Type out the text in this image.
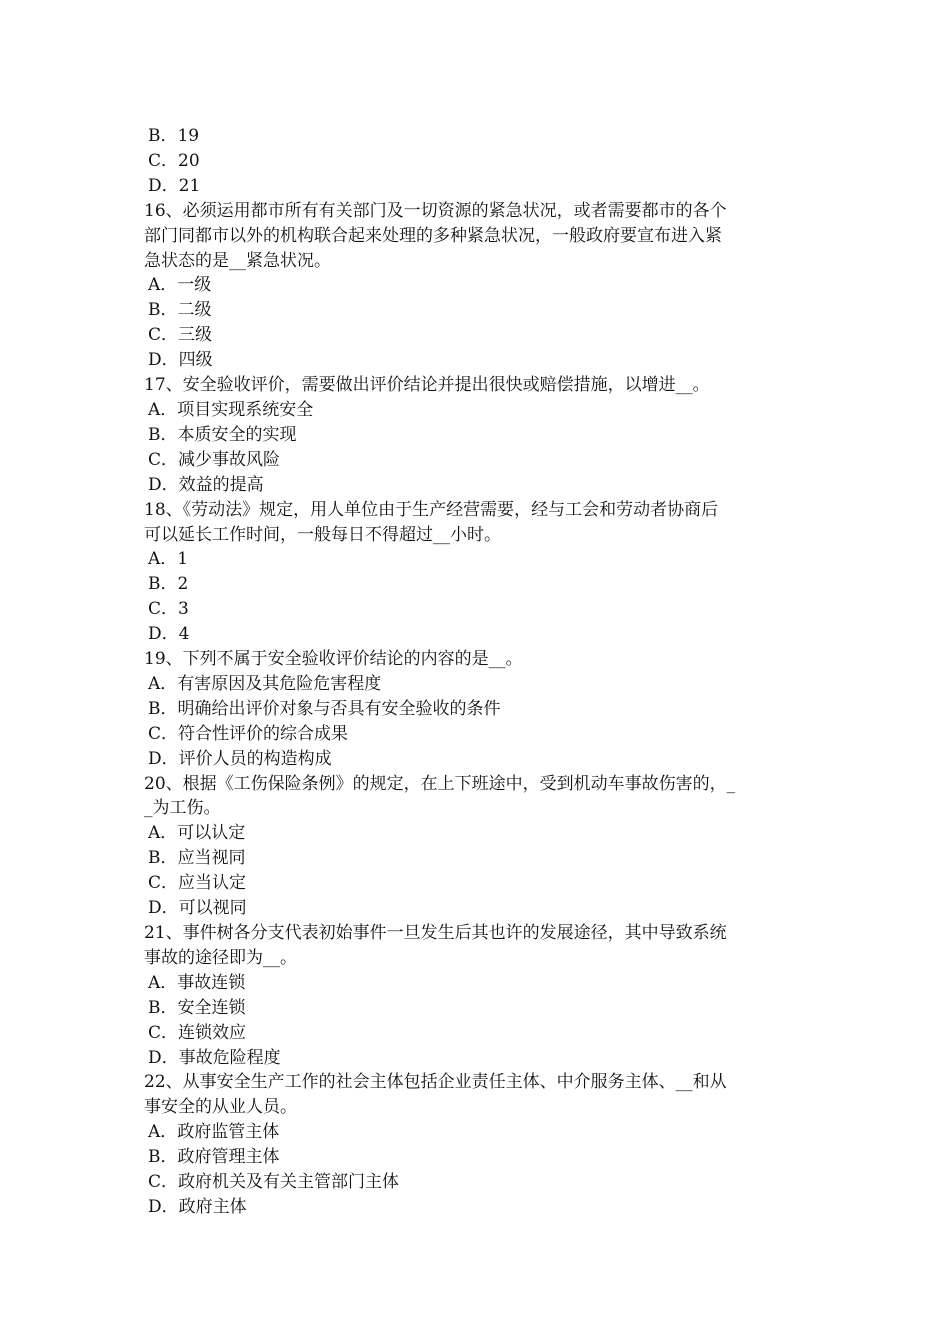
B．19
C．20
D．21
16、必须运用都市所有有关部门及一切资源的紧急状况，或者需要都市的各个
部门同都市以外的机构联合起来处理的多种紧急状况，一般政府要宣布进入紧
急状态的是__紧急状况。
A．一级
B．二级
C．三级
D．四级
17、安全验收评价，需要做出评价结论并提出很快或赔偿措施，以增进__。
A．项目实现系统安全
B．本质安全的实现
C．减少事故风险
D．效益的提高
18、《劳动法》规定，用人单位由于生产经营需要，经与工会和劳动者协商后
可以延长工作时间，一般每日不得超过__小时。
A．1
B．2
C．3
D．4
19、下列不属于安全验收评价结论的内容的是__。
A．有害原因及其危险危害程度
B．明确给出评价对象与否具有安全验收的条件
C．符合性评价的综合成果
D．评价人员的构造构成
20、根据《工伤保险条例》的规定，在上下班途中，受到机动车事故伤害的，_
_为工伤。
A．可以认定
B．应当视同
C．应当认定
D．可以视同
21、事件树各分支代表初始事件一旦发生后其也许的发展途径，其中导致系统
事故的途径即为__。
A．事故连锁
B．安全连锁
C．连锁效应
D．事故危险程度
22、从事安全生产工作的社会主体包括企业责任主体、中介服务主体、__和从
事安全的从业人员。
A．政府监管主体
B．政府管理主体
C．政府机关及有关主管部门主体
D．政府主体
